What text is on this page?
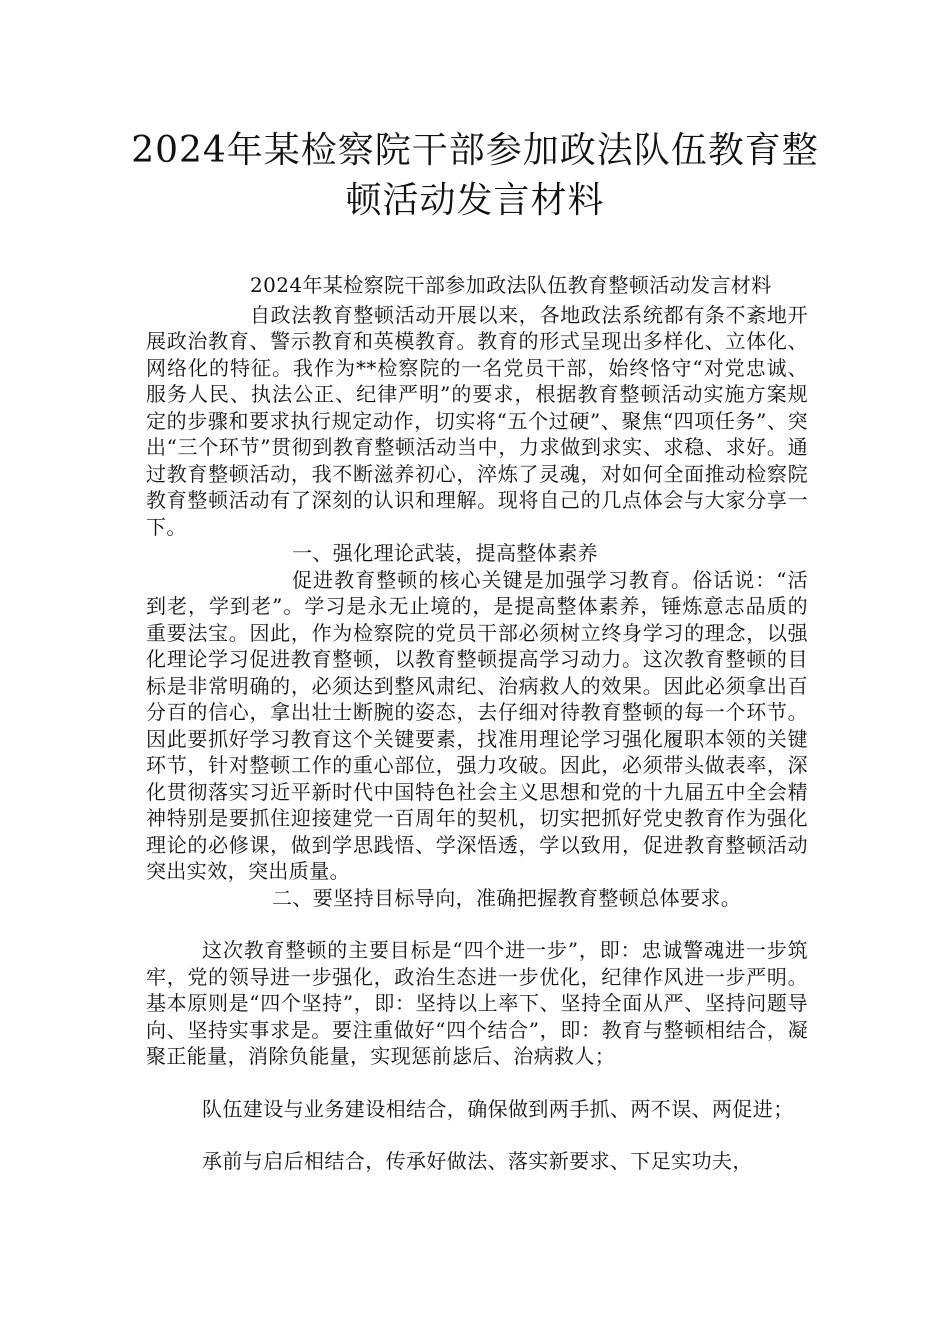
2024年某检察院干部参加政法队伍教育整
顿活动发言材料

2024年某检察院干部参加政法队伍教育整顿活动发言材料

自政法教育整顿活动开展以来，各地政法系统都有条不紊地开展政治教育、警示教育和英模教育。教育的形式呈现出多样化、立体化、网络化的特征。我作为**检察院的一名党员干部，始终恪守“对党忠诚、服务人民、执法公正、纪律严明”的要求，根据教育整顿活动实施方案规定的步骤和要求执行规定动作，切实将“五个过硬”、聚焦“四项任务”、突出“三个环节”贯彻到教育整顿活动当中，力求做到求实、求稳、求好。通过教育整顿活动，我不断滋养初心，淬炼了灵魂，对如何全面推动检察院教育整顿活动有了深刻的认识和理解。现将自己的几点体会与大家分享一下。

一、强化理论武装，提高整体素养

促进教育整顿的核心关键是加强学习教育。俗话说：“活到老，学到老”。学习是永无止境的，是提高整体素养，锤炼意志品质的重要法宝。因此，作为检察院的党员干部必须树立终身学习的理念，以强化理论学习促进教育整顿，以教育整顿提高学习动力。这次教育整顿的目标是非常明确的，必须达到整风肃纪、治病救人的效果。因此必须拿出百分百的信心，拿出壮士断腕的姿态，去仔细对待教育整顿的每一个环节。因此要抓好学习教育这个关键要素，找准用理论学习强化履职本领的关键环节，针对整顿工作的重心部位，强力攻破。因此，必须带头做表率，深化贯彻落实习近平新时代中国特色社会主义思想和党的十九届五中全会精神特别是要抓住迎接建党一百周年的契机，切实把抓好党史教育作为强化理论的必修课，做到学思践悟、学深悟透，学以致用，促进教育整顿活动突出实效，突出质量。

二、要坚持目标导向，准确把握教育整顿总体要求。

这次教育整顿的主要目标是“四个进一步”，即：忠诚警魂进一步筑牢，党的领导进一步强化，政治生态进一步优化，纪律作风进一步严明。基本原则是“四个坚持”，即：坚持以上率下、坚持全面从严、坚持问题导向、坚持实事求是。要注重做好“四个结合”，即：教育与整顿相结合，凝聚正能量，消除负能量，实现惩前毖后、治病救人；

队伍建设与业务建设相结合，确保做到两手抓、两不误、两促进；

承前与启后相结合，传承好做法、落实新要求、下足实功夫，
